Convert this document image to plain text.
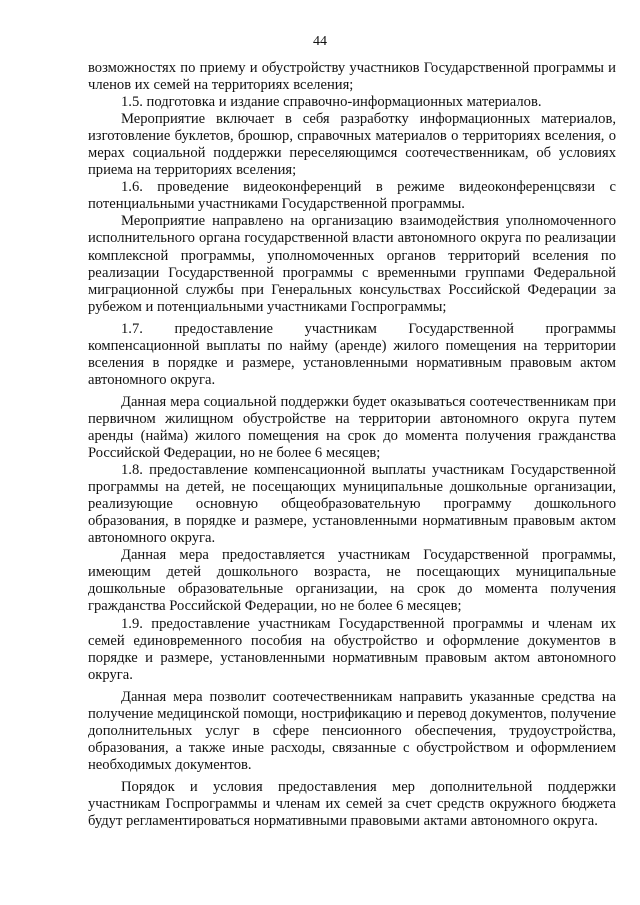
44

возможностях по приему и обустройству участников Государственной программы и членов их семей на территориях вселения;

1.5. подготовка и издание справочно-информационных материалов.

Мероприятие включает в себя разработку информационных материалов, изготовление буклетов, брошюр, справочных материалов о территориях вселения, о мерах социальной поддержки переселяющимся соотечественникам, об условиях приема на территориях вселения;

1.6. проведение видеоконференций в режиме видеоконференцсвязи с потенциальными участниками Государственной программы.

Мероприятие направлено на организацию взаимодействия уполномоченного исполнительного органа государственной власти автономного округа по реализации комплексной программы, уполномоченных органов территорий вселения по реализации Государственной программы с временными группами Федеральной миграционной службы при Генеральных консульствах Российской Федерации за рубежом и потенциальными участниками Госпрограммы;

1.7. предоставление участникам Государственной программы компенсационной выплаты по найму (аренде) жилого помещения на территории вселения в порядке и размере, установленными нормативным правовым актом автономного округа.

Данная мера социальной поддержки будет оказываться соотечественникам при первичном жилищном обустройстве на территории автономного округа путем аренды (найма) жилого помещения на срок до момента получения гражданства Российской Федерации, но не более 6 месяцев;

1.8. предоставление компенсационной выплаты участникам Государственной программы на детей, не посещающих муниципальные дошкольные организации, реализующие основную общеобразовательную программу дошкольного образования, в порядке и размере, установленными нормативным правовым актом автономного округа.

Данная мера предоставляется участникам Государственной программы, имеющим детей дошкольного возраста, не посещающих муниципальные дошкольные образовательные организации, на срок до момента получения гражданства Российской Федерации, но не более 6 месяцев;

1.9. предоставление участникам Государственной программы и членам их семей единовременного пособия на обустройство и оформление документов в порядке и размере, установленными нормативным правовым актом автономного округа.

Данная мера позволит соотечественникам направить указанные средства на получение медицинской помощи, нострификацию и перевод документов, получение дополнительных услуг в сфере пенсионного обеспечения, трудоустройства, образования, а также иные расходы, связанные с обустройством и оформлением необходимых документов.

Порядок и условия предоставления мер дополнительной поддержки участникам Госпрограммы и членам их семей за счет средств окружного бюджета будут регламентироваться нормативными правовыми актами автономного округа.
